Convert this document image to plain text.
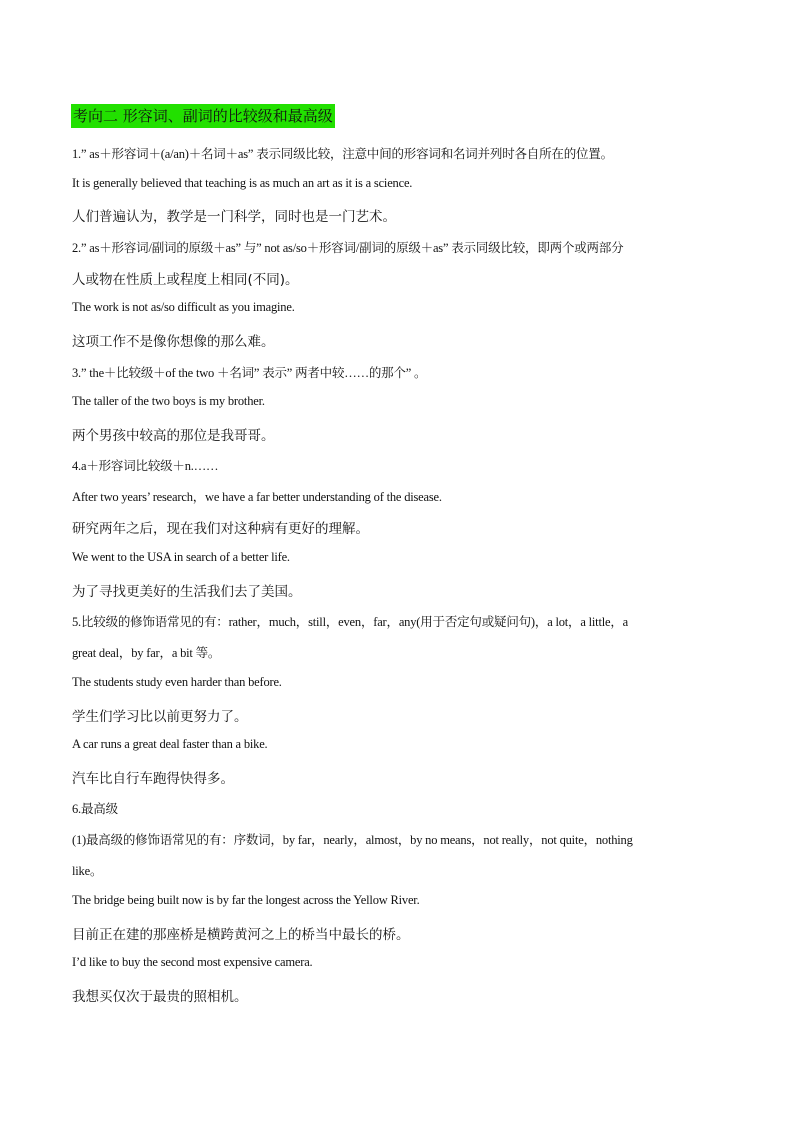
考向二 形容词、副词的比较级和最高级
1.” as＋形容词＋(a/an)＋名词＋as” 表示同级比较，注意中间的形容词和名词并列时各自所在的位置。
It is generally believed that teaching is as much an art as it is a science.
人们普遍认为，教学是一门科学，同时也是一门艺术。
2.” as＋形容词/副词的原级＋as” 与” not as/so＋形容词/副词的原级＋as” 表示同级比较，即两个或两部分
人或物在性质上或程度上相同(不同)。
The work is not as/so difficult as you imagine.
这项工作不是像你想像的那么难。
3.” the＋比较级＋of the two ＋名词” 表示” 两者中较……的那个” 。
The taller of the two boys is my brother.
两个男孩中较高的那位是我哥哥。
4.a＋形容词比较级＋n.……
After two years’ research，we have a far better understanding of the disease.
研究两年之后，现在我们对这种病有更好的理解。
We went to the USA in search of a better life.
为了寻找更美好的生活我们去了美国。
5.比较级的修饰语常见的有：rather，much，still，even，far，any(用于否定句或疑问句)，a lot，a little，a
great deal，by far，a bit 等。
The students study even harder than before.
学生们学习比以前更努力了。
A car runs a great deal faster than a bike.
汽车比自行车跑得快得多。
6.最高级
(1)最高级的修饰语常见的有：序数词，by far，nearly，almost，by no means，not really，not quite，nothing
like。
The bridge being built now is by far the longest across the Yellow River.
目前正在建的那座桥是横跨黄河之上的桥当中最长的桥。
I’d like to buy the second most expensive camera.
我想买仅次于最贵的照相机。
